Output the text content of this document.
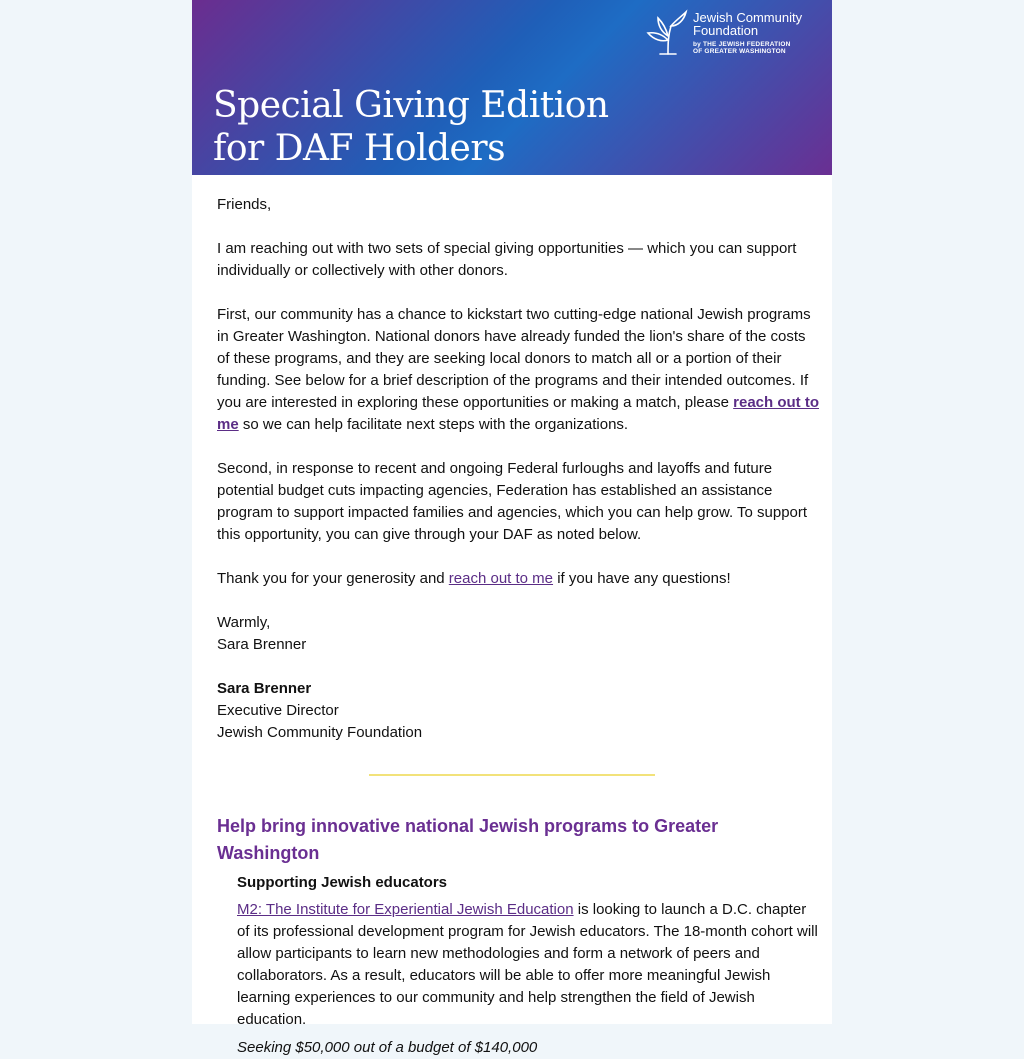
Jewish Community
Foundation
by THE JEWISH FEDERATION
OF GREATER WASHINGTON
Special Giving Edition
for DAF Holders

Friends,

I am reaching out with two sets of special giving opportunities — which you can support individually or collectively with other donors.

First, our community has a chance to kickstart two cutting-edge national Jewish programs in Greater Washington. National donors have already funded the lion's share of the costs of these programs, and they are seeking local donors to match all or a portion of their funding. See below for a brief description of the programs and their intended outcomes. If you are interested in exploring these opportunities or making a match, please reach out to me so we can help facilitate next steps with the organizations.

Second, in response to recent and ongoing Federal furloughs and layoffs and future potential budget cuts impacting agencies, Federation has established an assistance program to support impacted families and agencies, which you can help grow. To support this opportunity, you can give through your DAF as noted below.

Thank you for your generosity and reach out to me if you have any questions!

Warmly,
Sara Brenner

Sara Brenner
Executive Director
Jewish Community Foundation

Help bring innovative national Jewish programs to Greater Washington

Supporting Jewish educators

M2: The Institute for Experiential Jewish Education is looking to launch a D.C. chapter of its professional development program for Jewish educators. The 18-month cohort will allow participants to learn new methodologies and form a network of peers and collaborators. As a result, educators will be able to offer more meaningful Jewish learning experiences to our community and help strengthen the field of Jewish education.

Seeking $50,000 out of a budget of $140,000
